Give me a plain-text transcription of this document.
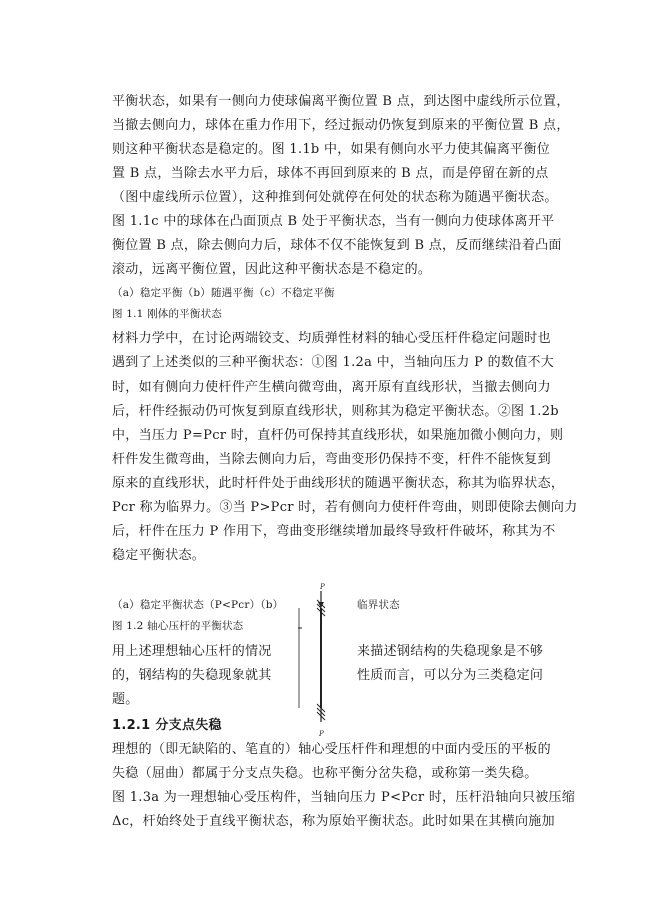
平衡状态，如果有一侧向力使球偏离平衡位置 B 点，到达图中虚线所示位置，
当撤去侧向力，球体在重力作用下，经过振动仍恢复到原来的平衡位置 B 点，
则这种平衡状态是稳定的。图 1.1b 中，如果有侧向水平力使其偏离平衡位
置 B 点，当除去水平力后，球体不再回到原来的 B 点，而是停留在新的点
（图中虚线所示位置），这种推到何处就停在何处的状态称为随遇平衡状态。
图 1.1c 中的球体在凸面顶点 B 处于平衡状态，当有一侧向力使球体离开平
衡位置 B 点，除去侧向力后，球体不仅不能恢复到 B 点，反而继续沿着凸面
滚动，远离平衡位置，因此这种平衡状态是不稳定的。
（a）稳定平衡（b）随遇平衡（c）不稳定平衡
图 1.1 刚体的平衡状态
材料力学中，在讨论两端铰支、均质弹性材料的轴心受压杆件稳定问题时也
遇到了上述类似的三种平衡状态：①图 1.2a 中，当轴向压力 P 的数值不大
时，如有侧向力使杆件产生横向微弯曲，离开原有直线形状，当撤去侧向力
后，杆件经振动仍可恢复到原直线形状，则称其为稳定平衡状态。②图 1.2b
中，当压力 P=Pcr 时，直杆仍可保持其直线形状，如果施加微小侧向力，则
杆件发生微弯曲，当除去侧向力后，弯曲变形仍保持不变，杆件不能恢复到
原来的直线形状，此时杆件处于曲线形状的随遇平衡状态，称其为临界状态，
Pcr 称为临界力。③当 P>Pcr 时，若有侧向力使杆件弯曲，则即使除去侧向力
后，杆件在压力 P 作用下，弯曲变形继续增加最终导致杆件破坏，称其为不
稳定平衡状态。
（a）稳定平衡状态（P<Pcr）（b）	临界状态
图 1.2 轴心压杆的平衡状态
用上述理想轴心压杆的情况	来描述钢结构的失稳现象是不够
的，钢结构的失稳现象就其	性质而言，可以分为三类稳定问
题。
P
P
1.2.1 分支点失稳
理想的（即无缺陷的、笔直的）轴心受压杆件和理想的中面内受压的平板的
失稳（屈曲）都属于分支点失稳。也称平衡分岔失稳，或称第一类失稳。
图 1.3a 为一理想轴心受压构件，当轴向压力 P<Pcr 时，压杆沿轴向只被压缩
Δc，杆始终处于直线平衡状态，称为原始平衡状态。此时如果在其横向施加
